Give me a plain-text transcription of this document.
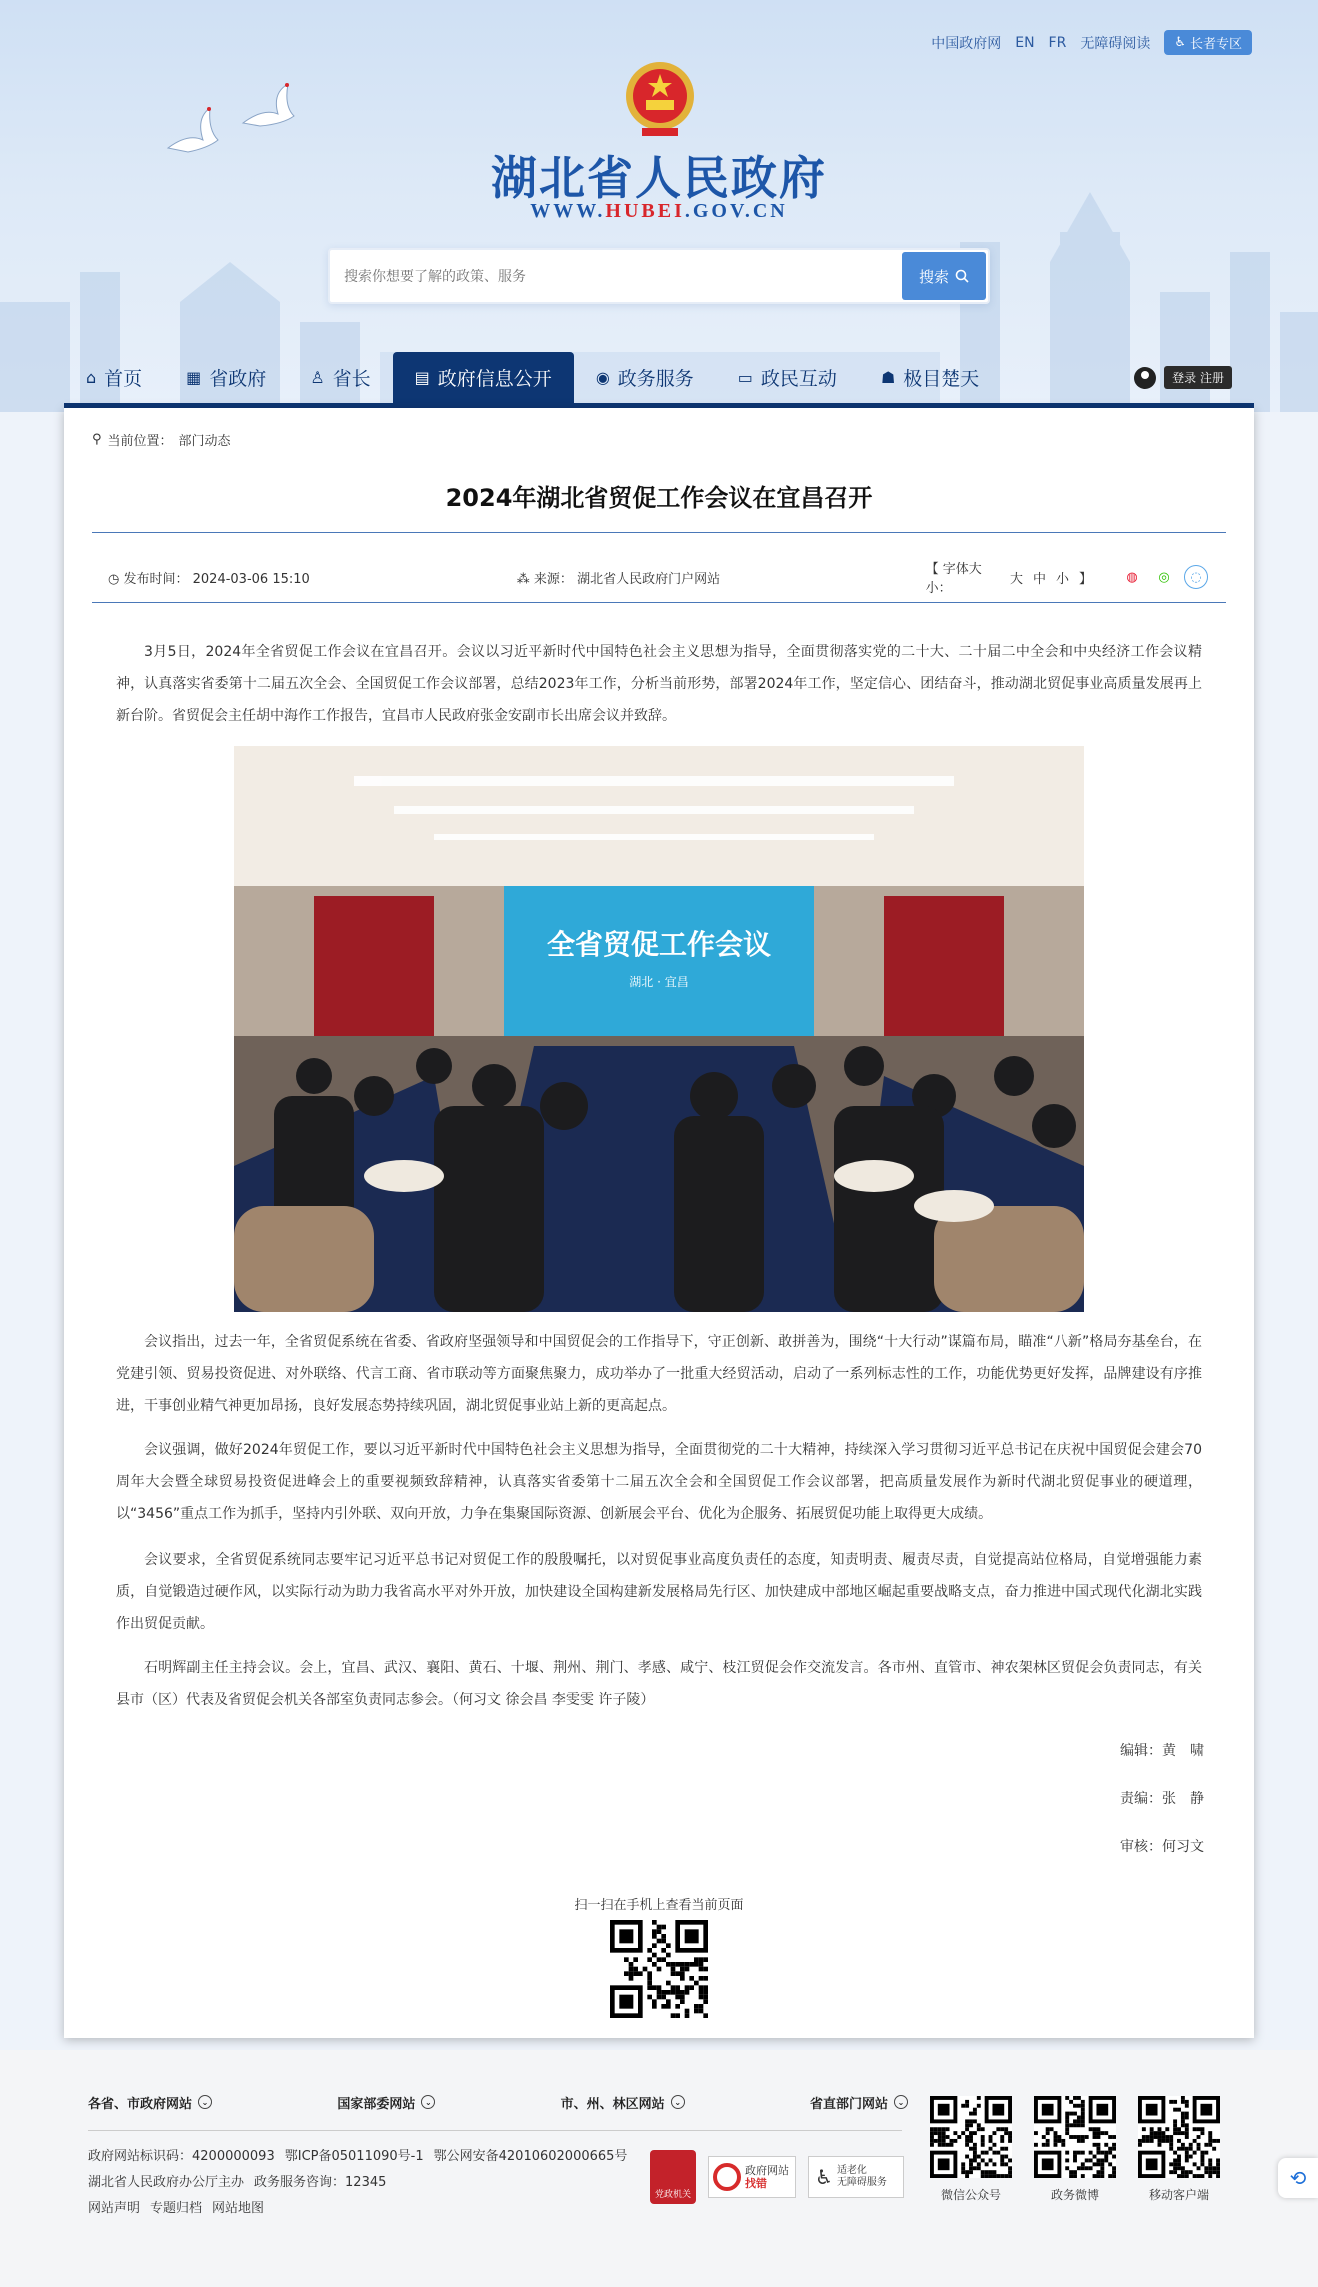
中国政府网 EN FR 无障碍阅读 ♿ 长者专区
湖北省人民政府
WWW.HUBEI.GOV.CN
搜索你想要了解的政策、服务
搜索
⌂ 首页	▦ 省政府	♙ 省长	▤ 政府信息公开	◉ 政务服务	▭ 政民互动	☗ 极目楚天	登录 注册
⚲ 当前位置： 部门动态
2024年湖北省贸促工作会议在宜昌召开
◷ 发布时间： 2024-03-06 15:10	⁂ 来源： 湖北省人民政府门户网站
【 字体大小：
大 中 小 】	◍	◎	◌

3月5日，2024年全省贸促工作会议在宜昌召开。会议以习近平新时代中国特色社会主义思想为指导，全面贯彻落实党的二十大、二十届二中全会和中央经济工作会议精神，认真落实省委第十二届五次全会、全国贸促工作会议部署，总结2023年工作，分析当前形势，部署2024年工作，坚定信心、团结奋斗，推动湖北贸促事业高质量发展再上新台阶。省贸促会主任胡中海作工作报告，宜昌市人民政府张金安副市长出席会议并致辞。

全省贸促工作会议
湖北 · 宜昌

会议指出，过去一年，全省贸促系统在省委、省政府坚强领导和中国贸促会的工作指导下，守正创新、敢拼善为，围绕“十大行动”谋篇布局，瞄准“八新”格局夯基垒台，在党建引领、贸易投资促进、对外联络、代言工商、省市联动等方面聚焦聚力，成功举办了一批重大经贸活动，启动了一系列标志性的工作，功能优势更好发挥，品牌建设有序推进，干事创业精气神更加昂扬，良好发展态势持续巩固，湖北贸促事业站上新的更高起点。

会议强调，做好2024年贸促工作，要以习近平新时代中国特色社会主义思想为指导，全面贯彻党的二十大精神，持续深入学习贯彻习近平总书记在庆祝中国贸促会建会70周年大会暨全球贸易投资促进峰会上的重要视频致辞精神，认真落实省委第十二届五次全会和全国贸促工作会议部署，把高质量发展作为新时代湖北贸促事业的硬道理，以“3456”重点工作为抓手，坚持内引外联、双向开放，力争在集聚国际资源、创新展会平台、优化为企服务、拓展贸促功能上取得更大成绩。

会议要求，全省贸促系统同志要牢记习近平总书记对贸促工作的殷殷嘱托，以对贸促事业高度负责任的态度，知责明责、履责尽责，自觉提高站位格局，自觉增强能力素质，自觉锻造过硬作风，以实际行动为助力我省高水平对外开放，加快建设全国构建新发展格局先行区、加快建成中部地区崛起重要战略支点，奋力推进中国式现代化湖北实践作出贸促贡献。

石明辉副主任主持会议。会上，宜昌、武汉、襄阳、黄石、十堰、荆州、荆门、孝感、咸宁、枝江贸促会作交流发言。各市州、直管市、神农架林区贸促会负责同志，有关县市（区）代表及省贸促会机关各部室负责同志参会。（何习文 徐会昌 李雯雯 许子陵）

编辑：黄　啸
责编：张　静
审核：何习文
扫一扫在手机上查看当前页面
各省、市政府网站	⌄	国家部委网站	⌄	市、州、林区网站	⌄	省直部门网站	⌄
政府网站标识码：4200000093 鄂ICP备05011090号-1 鄂公网安备42010602000665号
湖北省人民政府办公厅主办 政务服务咨询：12345
网站声明 专题归档 网站地图
党政机关
政府网站
找错	♿ 适老化
无障碍服务
微信公众号	政务微博	移动客户端
⟲
